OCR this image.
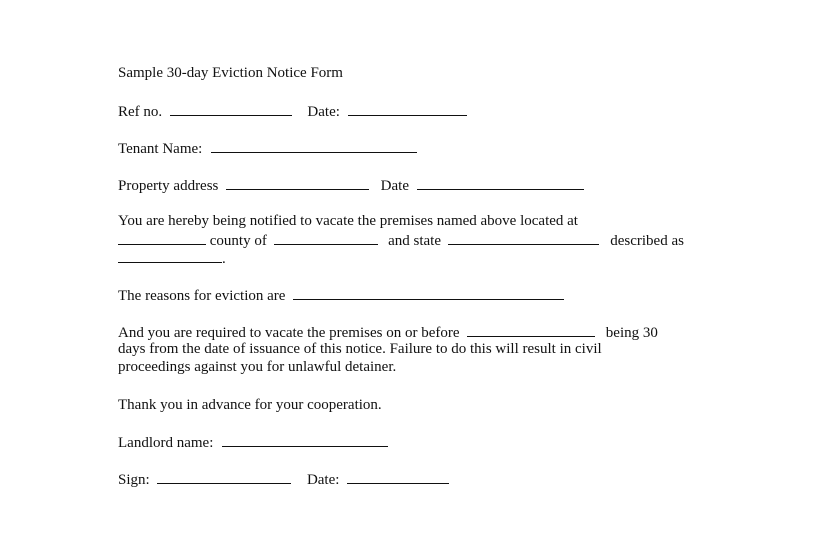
Sample 30-day Eviction Notice Form
Ref no.	Date:
Tenant Name:
Property address	Date
You are hereby being notified to vacate the premises named above located at
county of	and state	described as
.
The reasons for eviction are
And you are required to vacate the premises on or before	being 30
days from the date of issuance of this notice. Failure to do this will result in civil
proceedings against you for unlawful detainer.
Thank you in advance for your cooperation.
Landlord name:
Sign:	Date:
